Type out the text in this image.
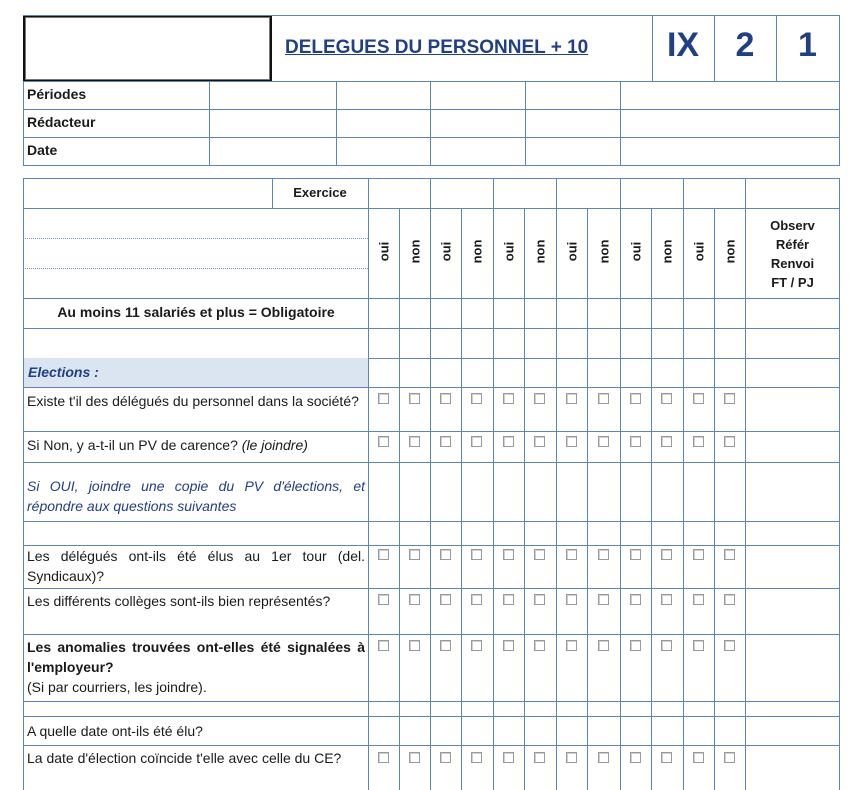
DELEGUES DU PERSONNEL + 10	IX	2	1
Périodes
Rédacteur
Date
Exercice
oui non oui non oui non oui non oui non oui non
Observ
Référ
Renvoi
FT / PJ
Au moins 11 salariés et plus = Obligatoire
Elections :
Existe t'il des délégués du personnel dans la société?
Si Non, y a-t-il un PV de carence? (le joindre)
Si OUI, joindre une copie du PV d'élections, et répondre aux questions suivantes
Les délégués ont-ils été élus au 1er tour (del. Syndicaux)?
Les différents collèges sont-ils bien représentés?
Les anomalies trouvées ont-elles été signalées à l'employeur?
(Si par courriers, les joindre).
A quelle date ont-ils été élu?
La date d'élection coïncide t'elle avec celle du CE?
